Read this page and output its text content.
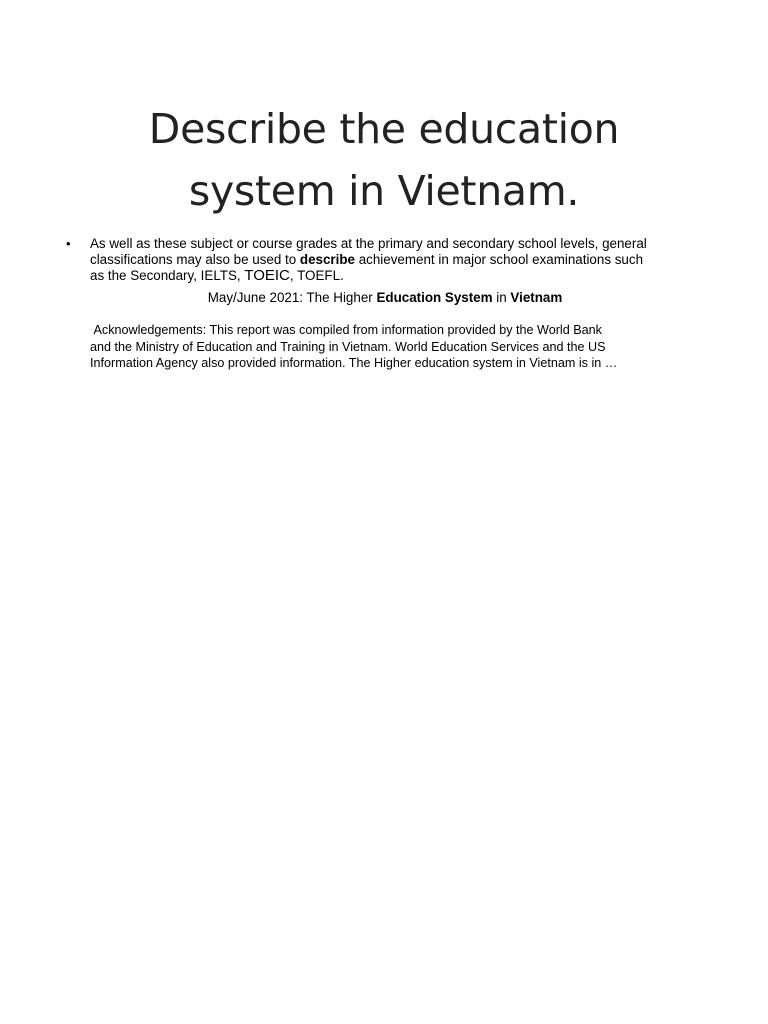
Describe the education
system in Vietnam.
• As well as these subject or course grades at the primary and secondary school levels, general
classifications may also be used to describe achievement in major school examinations such
as the Secondary, IELTS, TOEIC, TOEFL.

May/June 2021: The Higher Education System in Vietnam

Acknowledgements: This report was compiled from information provided by the World Bank
and the Ministry of Education and Training in Vietnam. World Education Services and the US
Information Agency also provided information. The Higher education system in Vietnam is in …
